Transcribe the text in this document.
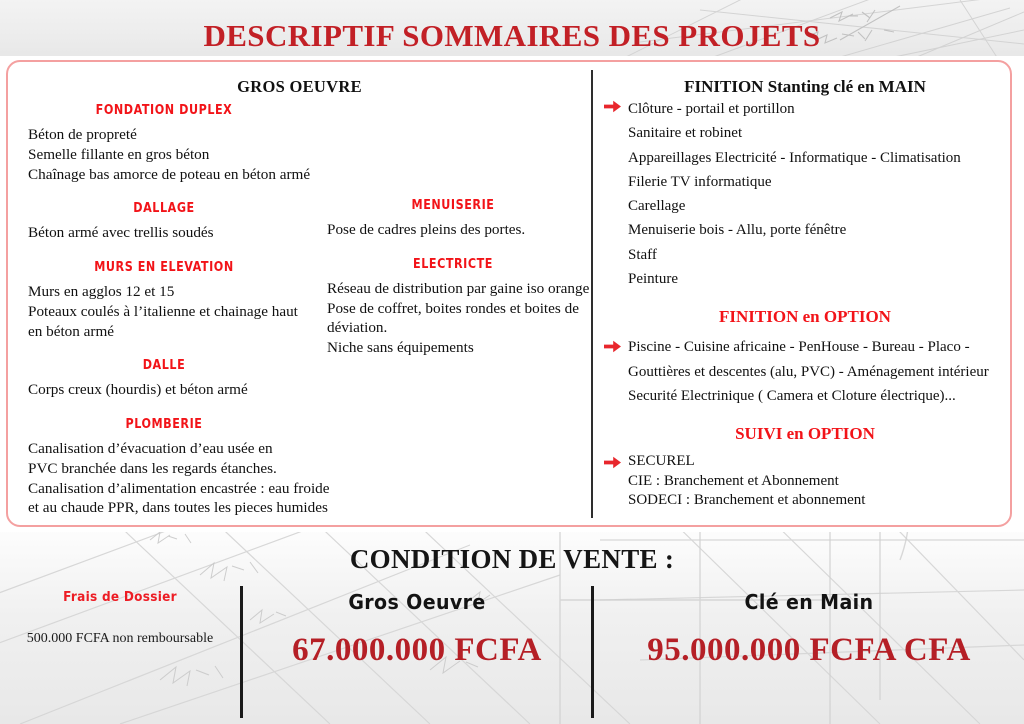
DESCRIPTIF SOMMAIRES DES PROJETS
GROS OEUVRE
FONDATION DUPLEX
Béton de propreté
Semelle fillante en gros béton
Chaînage bas amorce de poteau en béton armé
DALLAGE
Béton armé avec trellis soudés
MURS EN ELEVATION
Murs en agglos 12 et 15
Poteaux coulés à l’italienne et chainage haut
en béton armé
DALLE
Corps creux (hourdis) et béton armé
PLOMBERIE
Canalisation d’évacuation d’eau usée en
PVC branchée dans les regards étanches.
Canalisation d’alimentation encastrée : eau froide
et au chaude PPR, dans toutes les pieces humides
MENUISERIE
Pose de cadres pleins des portes.
ELECTRICTE
Réseau de distribution par gaine iso orange
Pose de coffret, boites rondes et boites de
déviation.
Niche sans équipements
FINITION Stanting clé en MAIN
Clôture - portail et portillon
Sanitaire et robinet
Appareillages Electricité - Informatique - Climatisation
Filerie TV informatique
Carellage
Menuiserie bois - Allu, porte fénêtre
Staff
Peinture
FINITION en OPTION
Piscine - Cuisine africaine - PenHouse - Bureau - Placo -
Gouttières et descentes (alu, PVC) - Aménagement intérieur
Securité Electrinique ( Camera et Cloture électrique)...
SUIVI en OPTION
SECUREL
CIE : Branchement et Abonnement
SODECI : Branchement et abonnement
CONDITION DE VENTE :
Frais de Dossier
500.000 FCFA non remboursable
Gros Oeuvre
67.000.000 FCFA
Clé en Main
95.000.000 FCFA CFA
